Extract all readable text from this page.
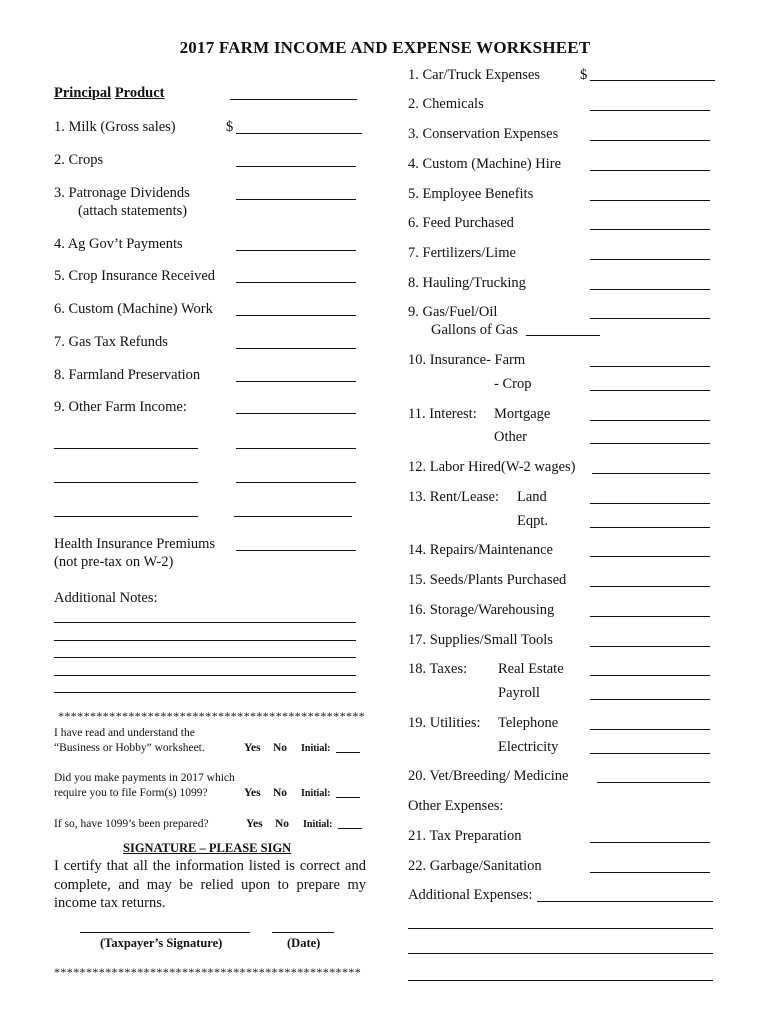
2017 FARM INCOME AND EXPENSE WORKSHEET
Principal Product
1. Milk (Gross sales)	$
2. Crops
3. Patronage Dividends
(attach statements)
4. Ag Gov’t Payments
5. Crop Insurance Received
6. Custom (Machine) Work
7. Gas Tax Refunds
8. Farmland Preservation
9. Other Farm Income:
Health Insurance Premiums
(not pre-tax on W-2)
Additional Notes:
************************************************
I have read and understand the
“Business or Hobby” worksheet.	Yes No Initial:
Did you make payments in 2017 which
require you to file Form(s) 1099?	Yes No Initial:
If so, have 1099’s been prepared?	Yes No Initial:
SIGNATURE – PLEASE SIGN
I certify that all the information listed is correct and complete, and may be relied upon to prepare my income tax returns.
(Taxpayer’s Signature)	(Date)
************************************************
1. Car/Truck Expenses	$
2. Chemicals
3. Conservation Expenses
4. Custom (Machine) Hire
5. Employee Benefits
6. Feed Purchased
7. Fertilizers/Lime
8. Hauling/Trucking
9. Gas/Fuel/Oil
Gallons of Gas
10. Insurance- Farm
- Crop
11. Interest: Mortgage
Other
12. Labor Hired(W-2 wages)
13. Rent/Lease: Land
Eqpt.
14. Repairs/Maintenance
15. Seeds/Plants Purchased
16. Storage/Warehousing
17. Supplies/Small Tools
18. Taxes: Real Estate
Payroll
19. Utilities: Telephone
Electricity
20. Vet/Breeding/ Medicine
Other Expenses:
21. Tax Preparation
22. Garbage/Sanitation
Additional Expenses:
